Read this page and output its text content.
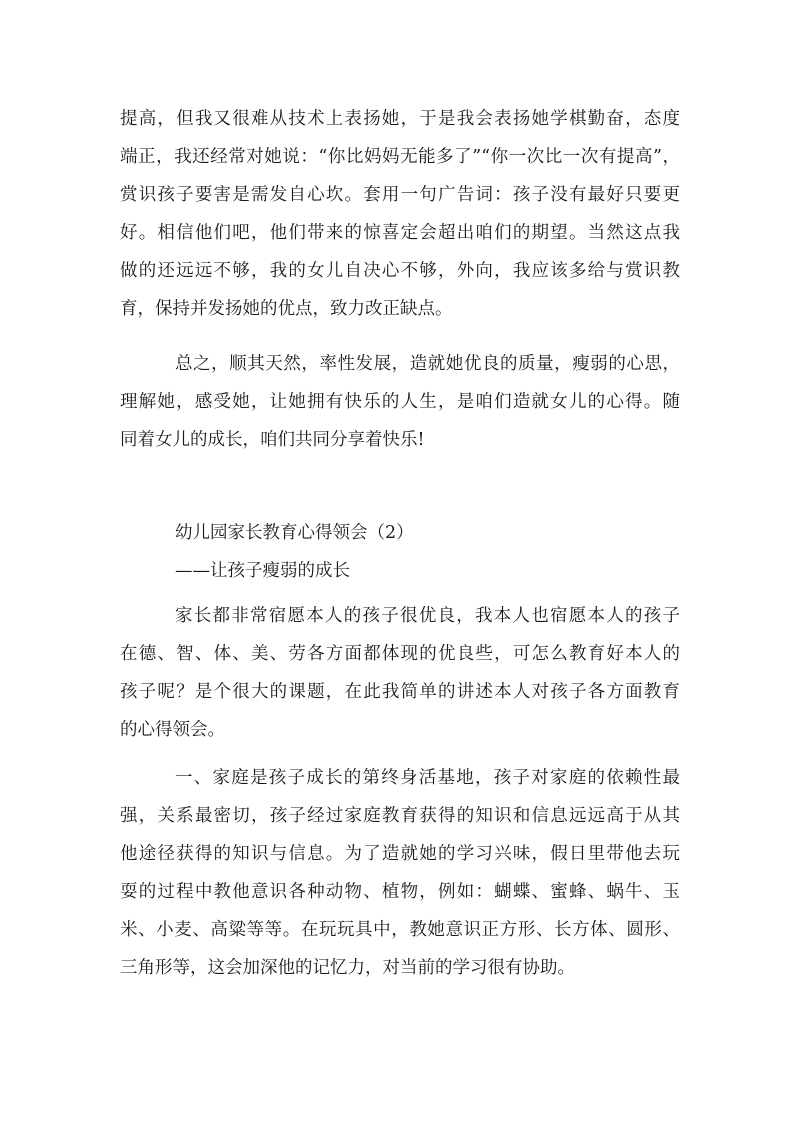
提高，但我又很难从技术上表扬她，于是我会表扬她学棋勤奋，态度
端正，我还经常对她说：“你比妈妈无能多了”“你一次比一次有提高”，
赏识孩子要害是需发自心坎。套用一句广告词：孩子没有最好只要更
好。相信他们吧，他们带来的惊喜定会超出咱们的期望。当然这点我
做的还远远不够，我的女儿自决心不够，外向，我应该多给与赏识教
育，保持并发扬她的优点，致力改正缺点。
总之，顺其天然，率性发展，造就她优良的质量，瘦弱的心思，
理解她，感受她，让她拥有快乐的人生，是咱们造就女儿的心得。随
同着女儿的成长，咱们共同分享着快乐!
幼儿园家长教育心得领会（2）
——让孩子瘦弱的成长
家长都非常宿愿本人的孩子很优良，我本人也宿愿本人的孩子
在德、智、体、美、劳各方面都体现的优良些，可怎么教育好本人的
孩子呢？是个很大的课题，在此我简单的讲述本人对孩子各方面教育
的心得领会。
一、家庭是孩子成长的第终身活基地，孩子对家庭的依赖性最
强，关系最密切，孩子经过家庭教育获得的知识和信息远远高于从其
他途径获得的知识与信息。为了造就她的学习兴味，假日里带他去玩
耍的过程中教他意识各种动物、植物，例如：蝴蝶、蜜蜂、蜗牛、玉
米、小麦、高粱等等。在玩玩具中，教她意识正方形、长方体、圆形、
三角形等，这会加深他的记忆力，对当前的学习很有协助。
